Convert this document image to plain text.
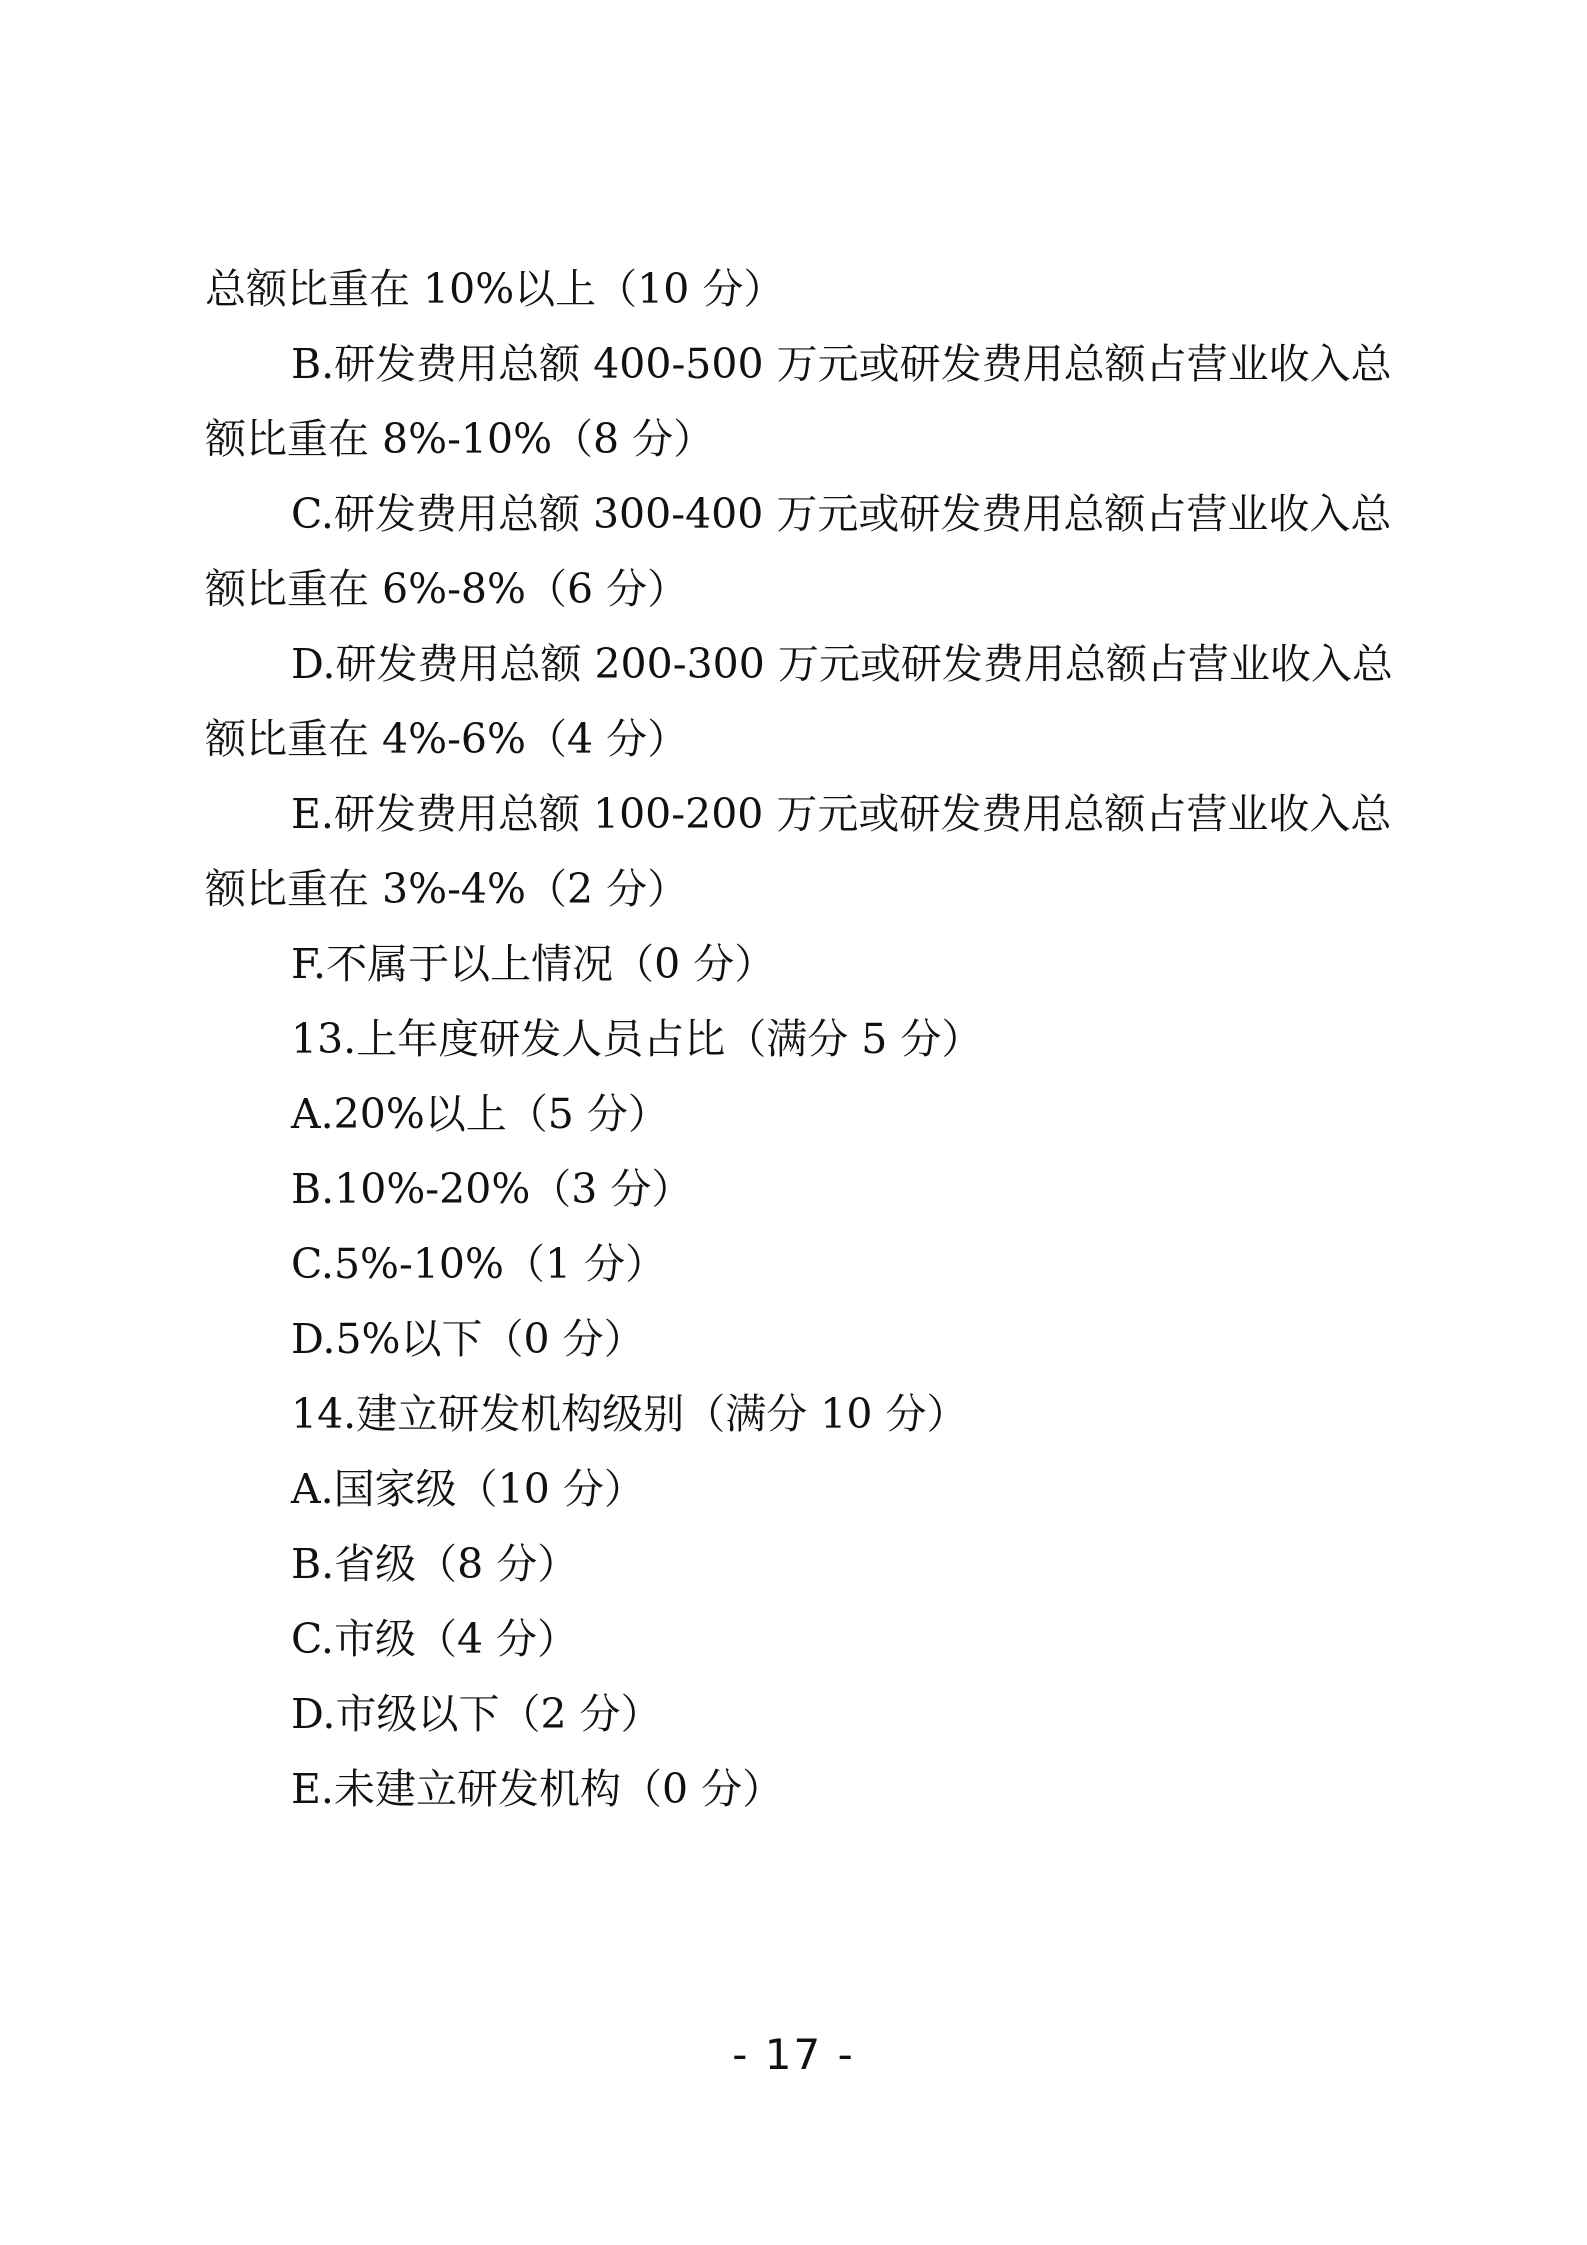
总额比重在 10%以上（10 分）
B.研发费用总额 400-500 万元或研发费用总额占营业收入总
额比重在 8%-10%（8 分）
C.研发费用总额 300-400 万元或研发费用总额占营业收入总
额比重在 6%-8%（6 分）
D.研发费用总额 200-300 万元或研发费用总额占营业收入总
额比重在 4%-6%（4 分）
E.研发费用总额 100-200 万元或研发费用总额占营业收入总
额比重在 3%-4%（2 分）
F.不属于以上情况（0 分）
13.上年度研发人员占比（满分 5 分）
A.20%以上（5 分）
B.10%-20%（3 分）
C.5%-10%（1 分）
D.5%以下（0 分）
14.建立研发机构级别（满分 10 分）
A.国家级（10 分）
B.省级（8 分）
C.市级（4 分）
D.市级以下（2 分）
E.未建立研发机构（0 分）
- 17 -
